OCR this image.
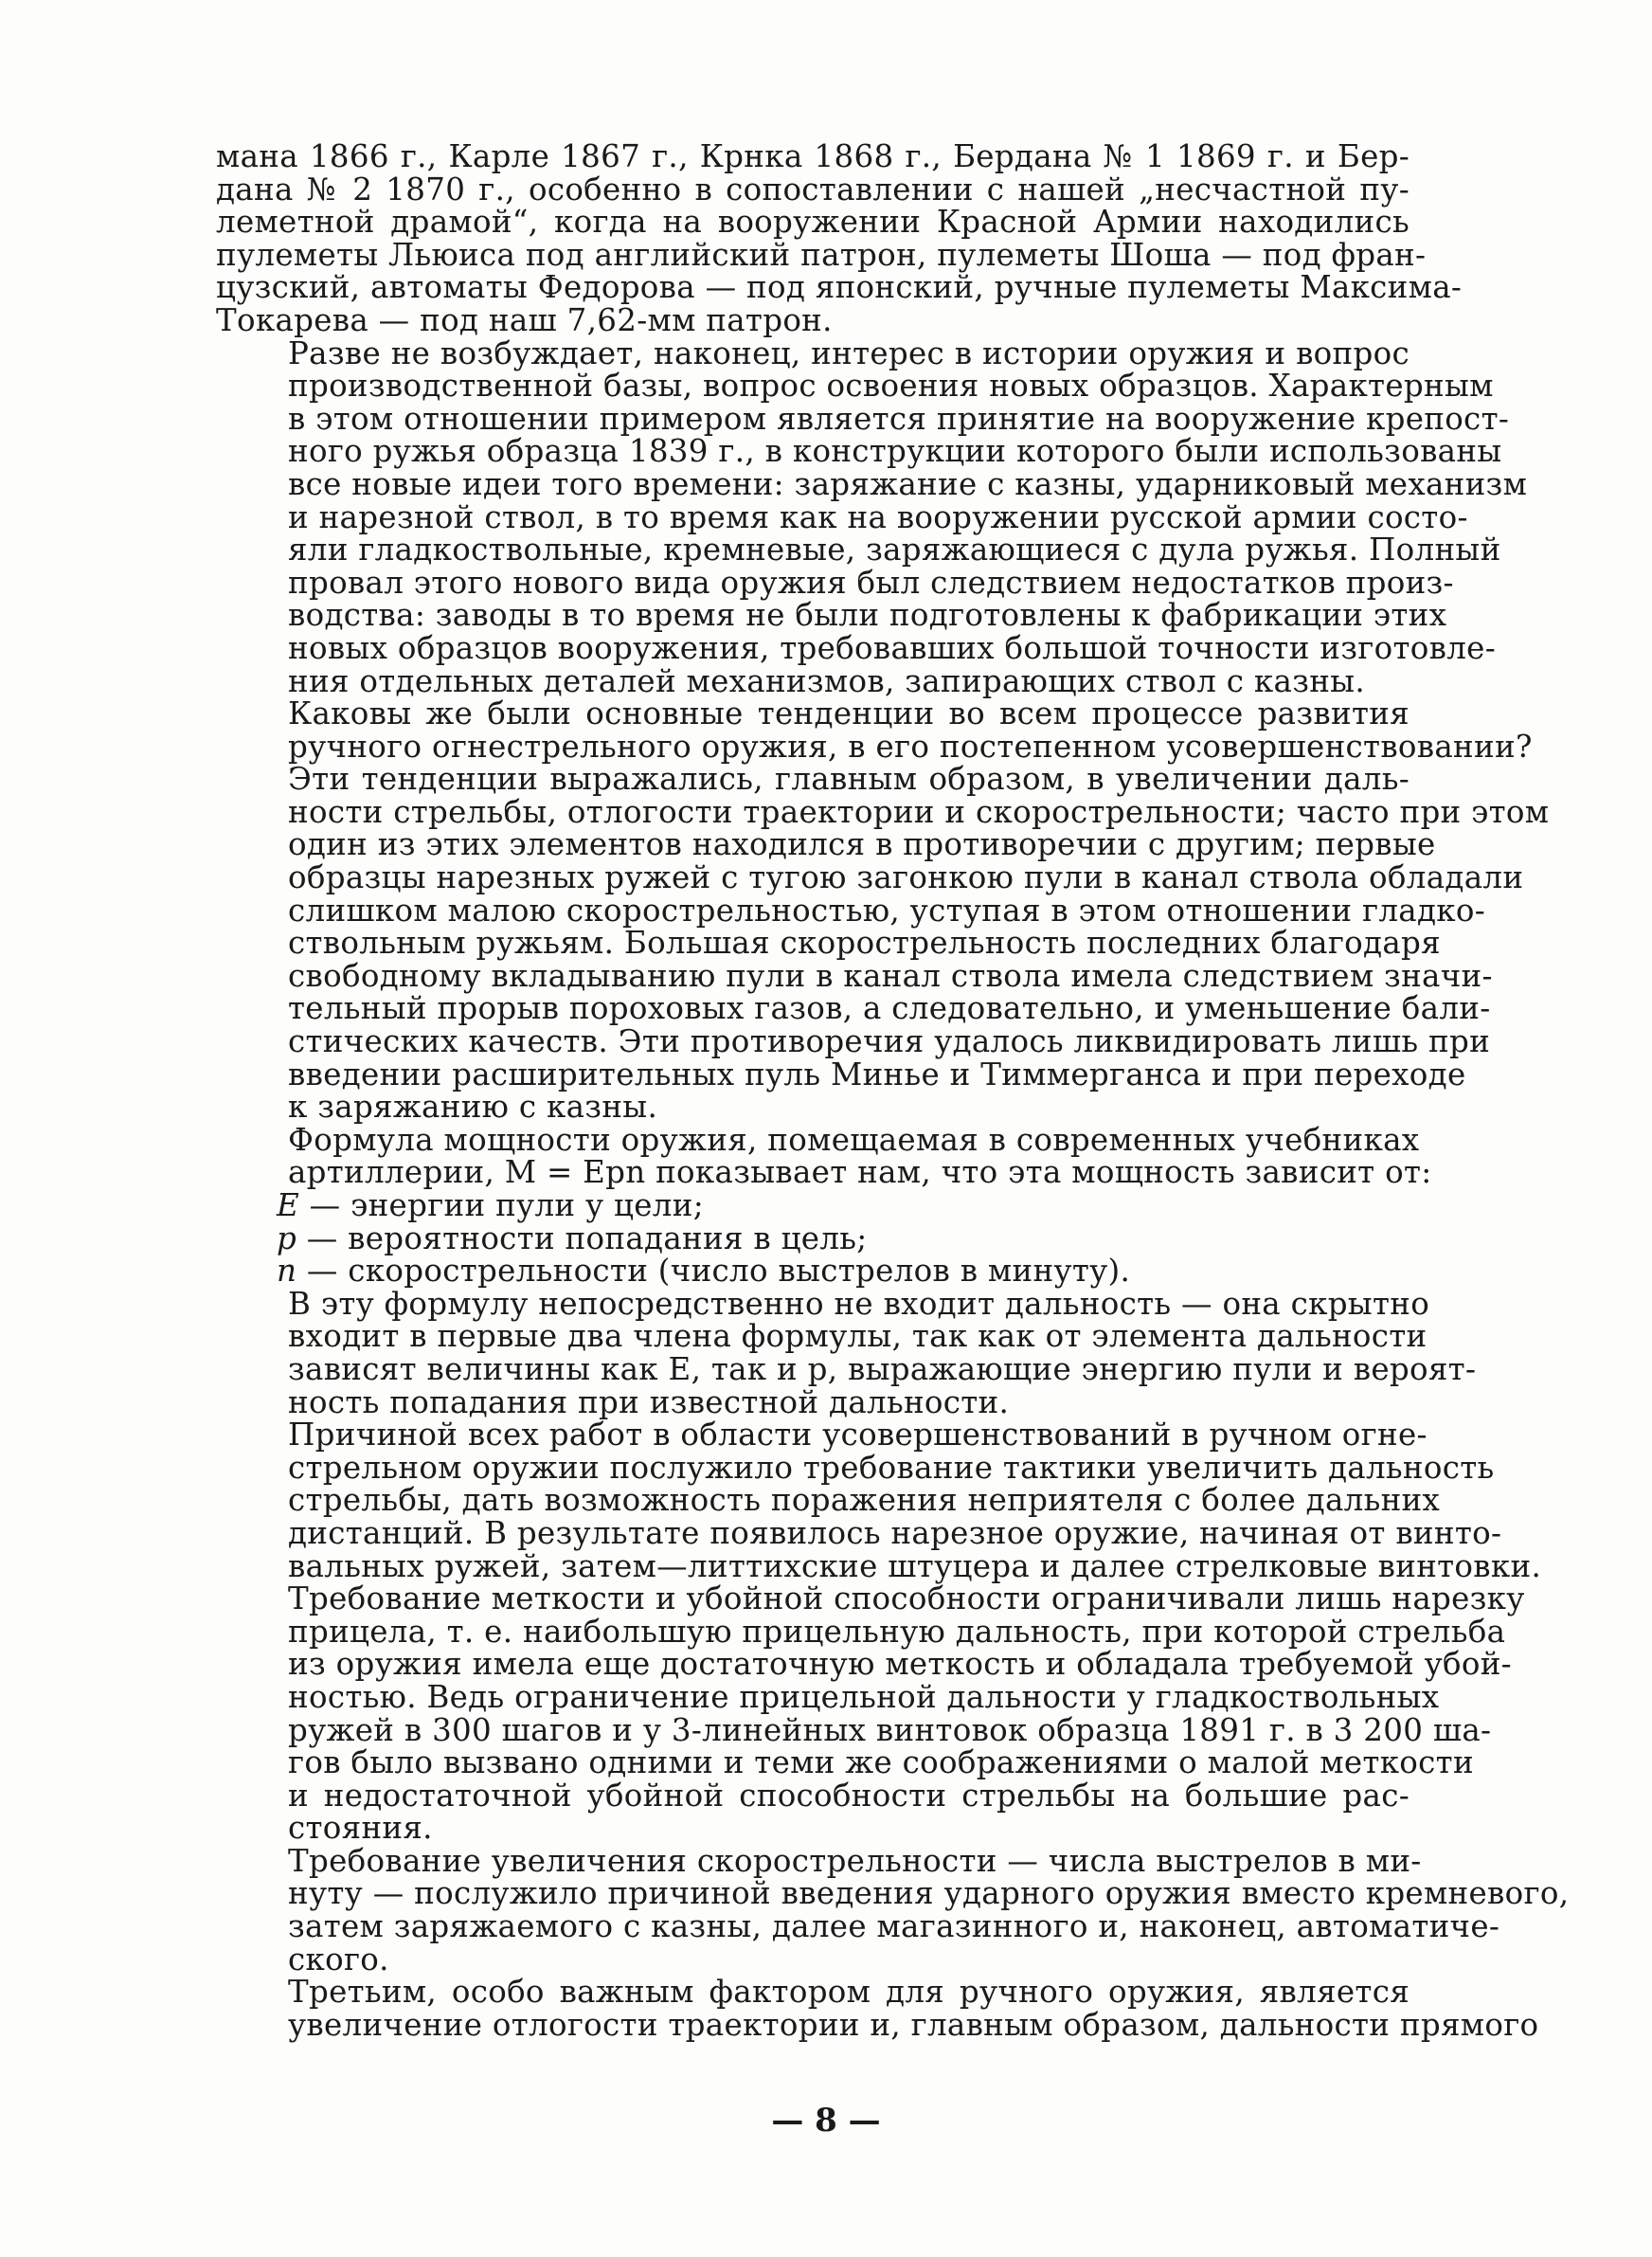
мана 1866 г., Карле 1867 г., Крнка 1868 г., Бердана № 1 1869 г. и Бер-
дана № 2 1870 г., особенно в сопоставлении с нашей „несчастной пу-
леметной драмой“, когда на вооружении Красной Армии находились
пулеметы Льюиса под английский патрон, пулеметы Шоша — под фран-
цузский, автоматы Федорова — под японский, ручные пулеметы Максима-
Токарева — под наш 7,62-мм патрон.
Разве не возбуждает, наконец, интерес в истории оружия и вопрос
производственной базы, вопрос освоения новых образцов. Характерным
в этом отношении примером является принятие на вооружение крепост-
ного ружья образца 1839 г., в конструкции которого были использованы
все новые идеи того времени: заряжание с казны, ударниковый механизм
и нарезной ствол, в то время как на вооружении русской армии состо-
яли гладкоствольные, кремневые, заряжающиеся с дула ружья. Полный
провал этого нового вида оружия был следствием недостатков произ-
водства: заводы в то время не были подготовлены к фабрикации этих
новых образцов вооружения, требовавших большой точности изготовле-
ния отдельных деталей механизмов, запирающих ствол с казны.
Каковы же были основные тенденции во всем процессе развития
ручного огнестрельного оружия, в его постепенном усовершенствовании?
Эти тенденции выражались, главным образом, в увеличении даль-
ности стрельбы, отлогости траектории и скорострельности; часто при этом
один из этих элементов находился в противоречии с другим; первые
образцы нарезных ружей с тугою загонкою пули в канал ствола обладали
слишком малою скорострельностью, уступая в этом отношении гладко-
ствольным ружьям. Большая скорострельность последних благодаря
свободному вкладыванию пули в канал ствола имела следствием значи-
тельный прорыв пороховых газов, а следовательно, и уменьшение бали-
стических качеств. Эти противоречия удалось ликвидировать лишь при
введении расширительных пуль Минье и Тиммерганса и при переходе
к заряжанию с казны.
Формула мощности оружия, помещаемая в современных учебниках
артиллерии, M = Epn показывает нам, что эта мощность зависит от:
E — энергии пули у цели;
p — вероятности попадания в цель;
n — скорострельности (число выстрелов в минуту).
В эту формулу непосредственно не входит дальность — она скрытно
входит в первые два члена формулы, так как от элемента дальности
зависят величины как E, так и p, выражающие энергию пули и вероят-
ность попадания при известной дальности.
Причиной всех работ в области усовершенствований в ручном огне-
стрельном оружии послужило требование тактики увеличить дальность
стрельбы, дать возможность поражения неприятеля с более дальних
дистанций. В результате появилось нарезное оружие, начиная от винто-
вальных ружей, затем—литтихские штуцера и далее стрелковые винтовки.
Требование меткости и убойной способности ограничивали лишь нарезку
прицела, т. е. наибольшую прицельную дальность, при которой стрельба
из оружия имела еще достаточную меткость и обладала требуемой убой-
ностью. Ведь ограничение прицельной дальности у гладкоствольных
ружей в 300 шагов и у 3-линейных винтовок образца 1891 г. в 3 200 ша-
гов было вызвано одними и теми же соображениями о малой меткости
и недостаточной убойной способности стрельбы на большие рас-
стояния.
Требование увеличения скорострельности — числа выстрелов в ми-
нуту — послужило причиной введения ударного оружия вместо кремневого,
затем заряжаемого с казны, далее магазинного и, наконец, автоматиче-
ского.
Третьим, особо важным фактором для ручного оружия, является
увеличение отлогости траектории и, главным образом, дальности прямого
— 8 —
